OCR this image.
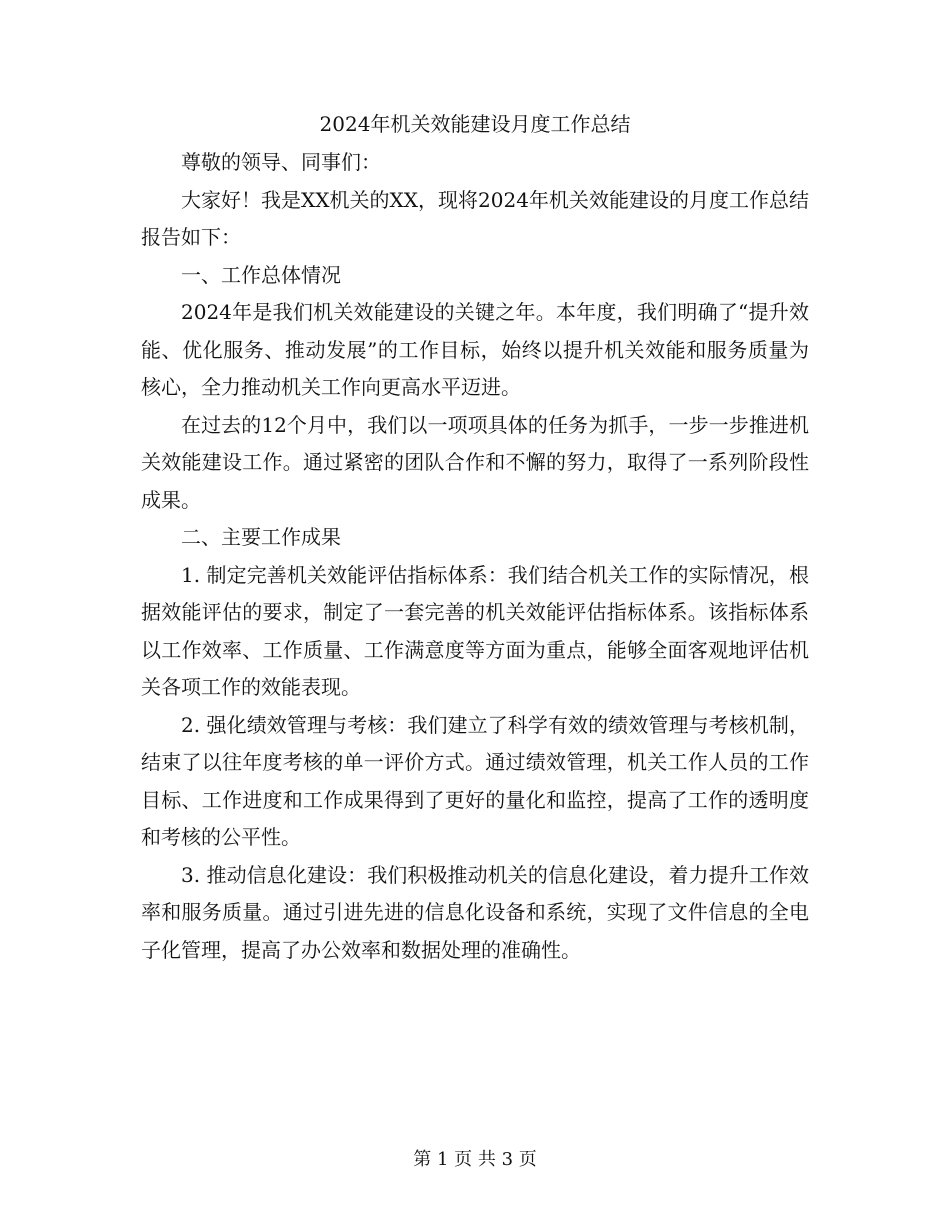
2024年机关效能建设月度工作总结

尊敬的领导、同事们：

大家好！我是XX机关的XX，现将2024年机关效能建设的月度工作总结报告如下：

一、工作总体情况

2024年是我们机关效能建设的关键之年。本年度，我们明确了“提升效能、优化服务、推动发展”的工作目标，始终以提升机关效能和服务质量为核心，全力推动机关工作向更高水平迈进。

在过去的12个月中，我们以一项项具体的任务为抓手，一步一步推进机关效能建设工作。通过紧密的团队合作和不懈的努力，取得了一系列阶段性成果。

二、主要工作成果

1. 制定完善机关效能评估指标体系：我们结合机关工作的实际情况，根据效能评估的要求，制定了一套完善的机关效能评估指标体系。该指标体系以工作效率、工作质量、工作满意度等方面为重点，能够全面客观地评估机关各项工作的效能表现。

2. 强化绩效管理与考核：我们建立了科学有效的绩效管理与考核机制，结束了以往年度考核的单一评价方式。通过绩效管理，机关工作人员的工作目标、工作进度和工作成果得到了更好的量化和监控，提高了工作的透明度和考核的公平性。

3. 推动信息化建设：我们积极推动机关的信息化建设，着力提升工作效率和服务质量。通过引进先进的信息化设备和系统，实现了文件信息的全电子化管理，提高了办公效率和数据处理的准确性。

第 1 页 共 3 页
